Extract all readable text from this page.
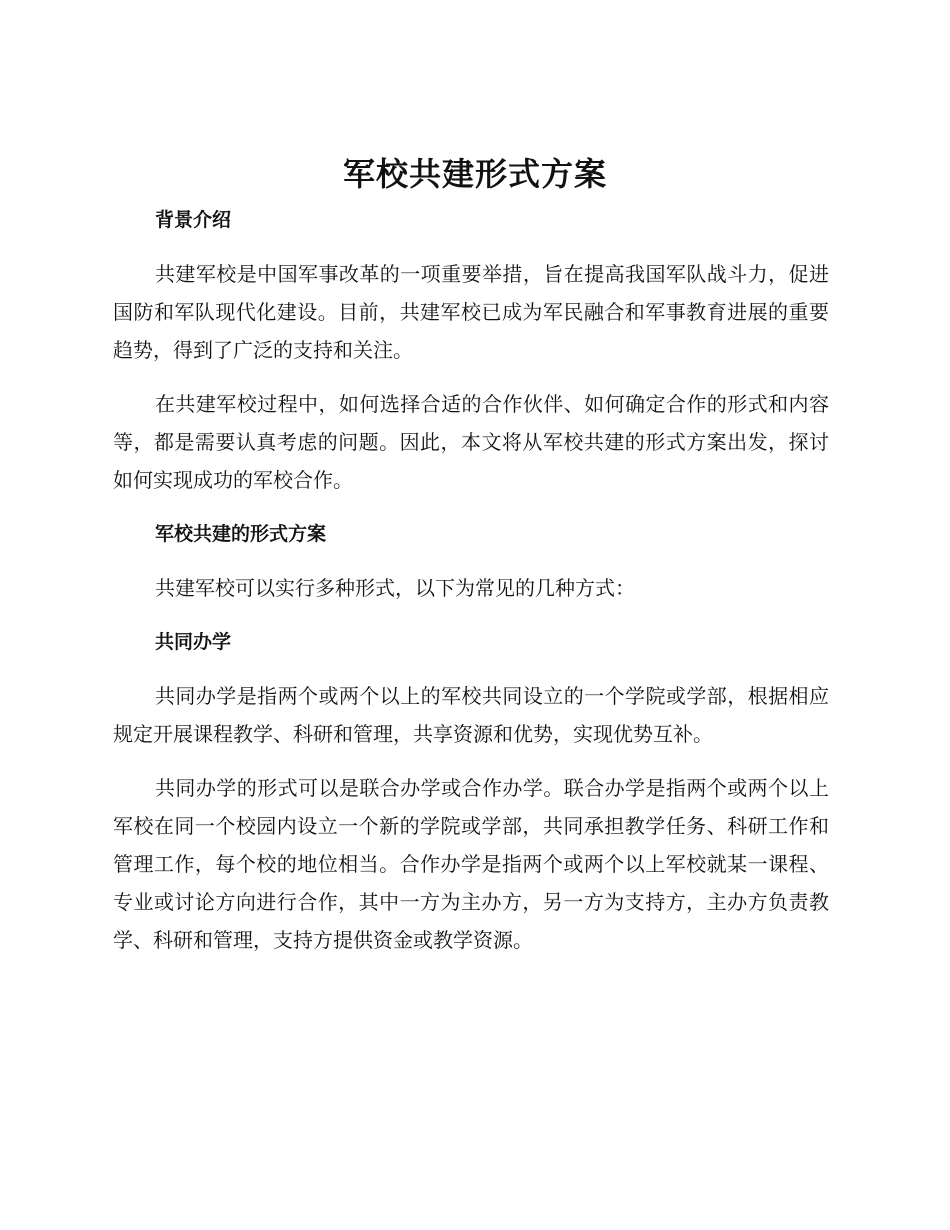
军校共建形式方案

背景介绍

共建军校是中国军事改革的一项重要举措，旨在提高我国军队战斗力，促进国防和军队现代化建设。目前，共建军校已成为军民融合和军事教育进展的重要趋势，得到了广泛的支持和关注。

在共建军校过程中，如何选择合适的合作伙伴、如何确定合作的形式和内容等，都是需要认真考虑的问题。因此，本文将从军校共建的形式方案出发，探讨如何实现成功的军校合作。

军校共建的形式方案

共建军校可以实行多种形式，以下为常见的几种方式：

共同办学

共同办学是指两个或两个以上的军校共同设立的一个学院或学部，根据相应规定开展课程教学、科研和管理，共享资源和优势，实现优势互补。

共同办学的形式可以是联合办学或合作办学。联合办学是指两个或两个以上军校在同一个校园内设立一个新的学院或学部，共同承担教学任务、科研工作和管理工作，每个校的地位相当。合作办学是指两个或两个以上军校就某一课程、专业或讨论方向进行合作，其中一方为主办方，另一方为支持方，主办方负责教学、科研和管理，支持方提供资金或教学资源。
